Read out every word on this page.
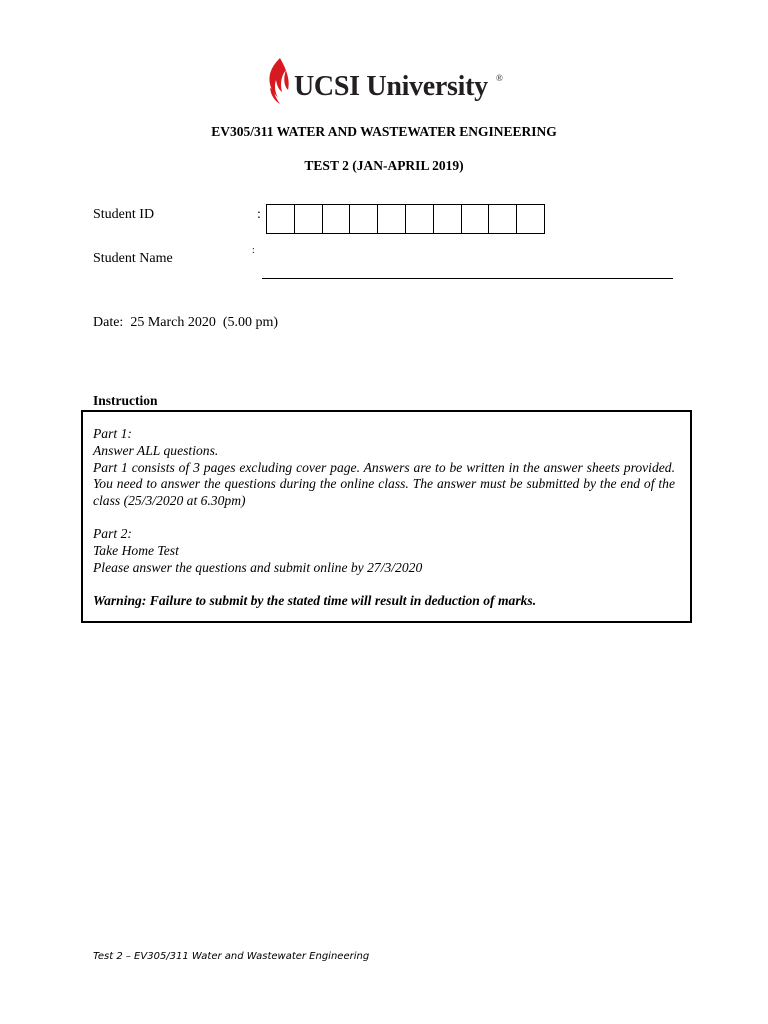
UCSI University ®
EV305/311 WATER AND WASTEWATER ENGINEERING
TEST 2 (JAN-APRIL 2019)
Student ID	:
Student Name
:
Date: 25 March 2020 (5.00 pm)
Instruction

Part 1:

Answer ALL questions.

Part 1 consists of 3 pages excluding cover page. Answers are to be written in the answer sheets provided. You need to answer the questions during the online class. The answer must be submitted by the end of the class (25/3/2020 at 6.30pm)

Part 2:

Take Home Test

Please answer the questions and submit online by 27/3/2020

Warning: Failure to submit by the stated time will result in deduction of marks.

Test 2 – EV305/311 Water and Wastewater Engineering
